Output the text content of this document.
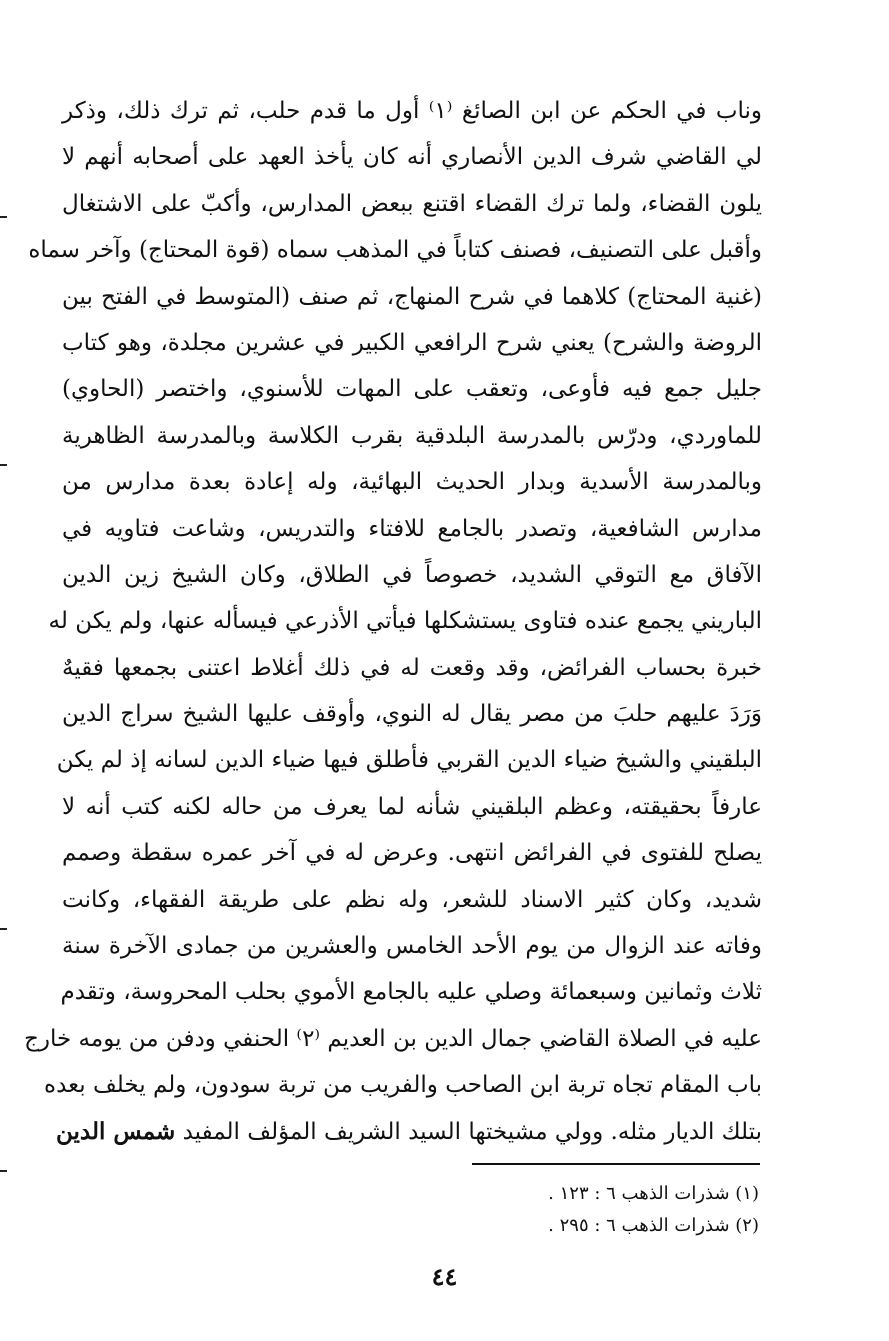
وناب في الحكم عن ابن الصائغ ⁽١⁾ أول ما قدم حلب، ثم ترك ذلك، وذكر
لي القاضي شرف الدين الأنصاري أنه كان يأخذ العهد على أصحابه أنهم لا
يلون القضاء، ولما ترك القضاء اقتنع ببعض المدارس، وأكبّ على الاشتغال
وأقبل على التصنيف، فصنف كتاباً في المذهب سماه (قوة المحتاج) وآخر سماه
(غنية المحتاج) كلاهما في شرح المنهاج، ثم صنف (المتوسط في الفتح بين
الروضة والشرح) يعني شرح الرافعي الكبير في عشرين مجلدة، وهو كتاب
جليل جمع فيه فأوعى، وتعقب على المهات للأسنوي، واختصر (الحاوي)
للماوردي، ودرّس بالمدرسة البلدقية بقرب الكلاسة وبالمدرسة الظاهرية
وبالمدرسة الأسدية وبدار الحديث البهائية، وله إعادة بعدة مدارس من
مدارس الشافعية، وتصدر بالجامع للافتاء والتدريس، وشاعت فتاويه في
الآفاق مع التوقي الشديد، خصوصاً في الطلاق، وكان الشيخ زين الدين
الباريني يجمع عنده فتاوى يستشكلها فيأتي الأذرعي فيسأله عنها، ولم يكن له
خبرة بحساب الفرائض، وقد وقعت له في ذلك أغلاط اعتنى بجمعها فقيهٌ
وَرَدَ عليهم حلبَ من مصر يقال له النوي، وأوقف عليها الشيخ سراج الدين
البلقيني والشيخ ضياء الدين القربي فأطلق فيها ضياء الدين لسانه إذ لم يكن
عارفاً بحقيقته، وعظم البلقيني شأنه لما يعرف من حاله لكنه كتب أنه لا
يصلح للفتوى في الفرائض انتهى. وعرض له في آخر عمره سقطة وصمم
شديد، وكان كثير الاسناد للشعر، وله نظم على طريقة الفقهاء، وكانت
وفاته عند الزوال من يوم الأحد الخامس والعشرين من جمادى الآخرة سنة
ثلاث وثمانين وسبعمائة وصلي عليه بالجامع الأموي بحلب المحروسة، وتقدم
عليه في الصلاة القاضي جمال الدين بن العديم ⁽٢⁾ الحنفي ودفن من يومه خارج
باب المقام تجاه تربة ابن الصاحب والفريب من تربة سودون، ولم يخلف بعده
بتلك الديار مثله. وولي مشيختها السيد الشريف المؤلف المفيد شمس الدين
(١) شذرات الذهب ٦ : ١٢٣ .
(٢) شذرات الذهب ٦ : ٢٩٥ .
٤٤
